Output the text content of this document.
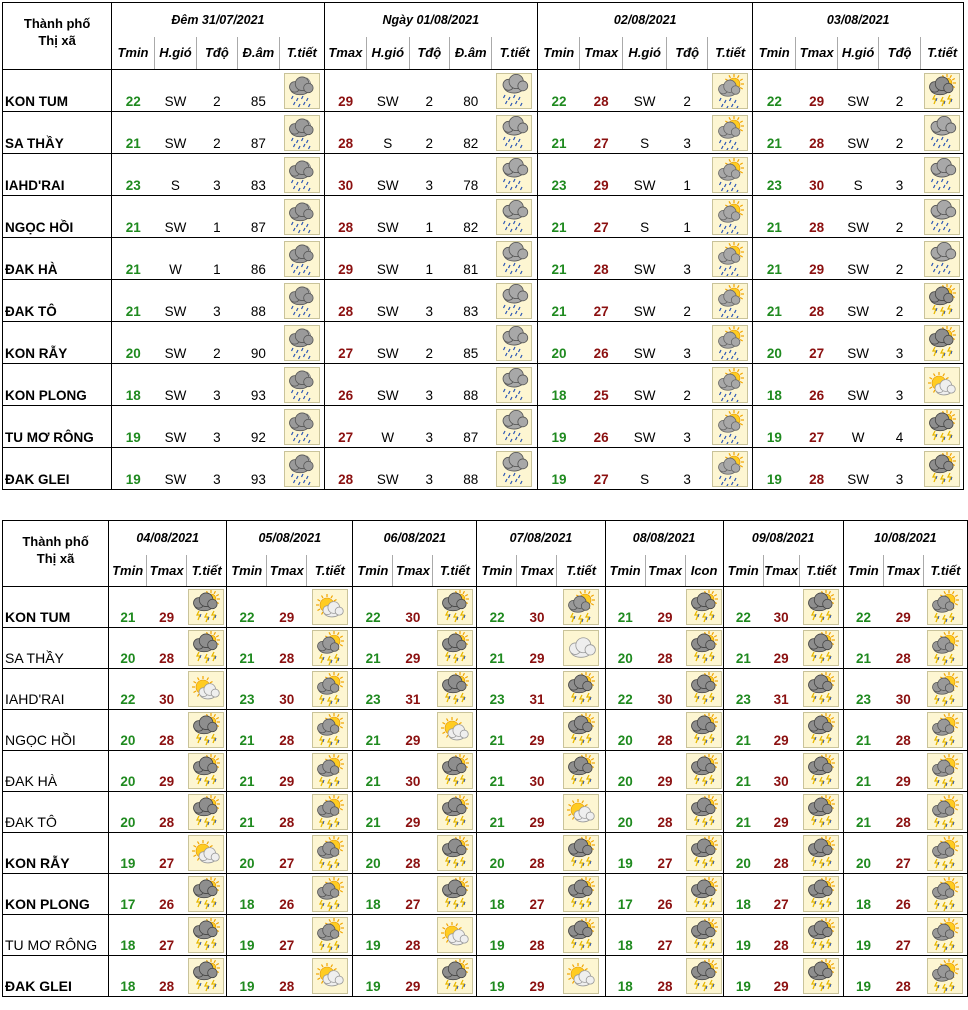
Thành phố
Thị xã	Đêm 31/07/2021					Ngày 01/08/2021					02/08/2021					03/08/2021				
	Tmin	H.gió	Tđộ	Đ.âm	T.tiết	Tmax	H.gió	Tđộ	Đ.âm	T.tiết	Tmin	Tmax	H.gió	Tđộ	T.tiết	Tmin	Tmax	H.gió	Tđộ	T.tiết
KON TUM	22	SW	2	85		29	SW	2	80		22	28	SW	2		22	29	SW	2	

SA THẦY	21	SW	2	87		28	S	2	82		21	27	S	3		21	28	SW	2	

IAHD'RAI	23	S	3	83		30	SW	3	78		23	29	SW	1		23	30	S	3	

NGỌC HỒI	21	SW	1	87		28	SW	1	82		21	27	S	1		21	28	SW	2	

ĐAK HÀ	21	W	1	86		29	SW	1	81		21	28	SW	3		21	29	SW	2	

ĐAK TÔ	21	SW	3	88		28	SW	3	83		21	27	SW	2		21	28	SW	2	

KON RẪY	20	SW	2	90		27	SW	2	85		20	26	SW	3		20	27	SW	3	

KON PLONG	18	SW	3	93		26	SW	3	88		18	25	SW	2		18	26	SW	3	

TU MƠ RÔNG	19	SW	3	92		27	W	3	87		19	26	SW	3		19	27	W	4	

ĐAK GLEI	19	SW	3	93		28	SW	3	88		19	27	S	3		19	28	SW	3	
Thành phố
Thị xã	04/08/2021			05/08/2021			06/08/2021			07/08/2021			08/08/2021			09/08/2021			10/08/2021		
	Tmin	Tmax	T.tiết	Tmin	Tmax	T.tiết	Tmin	Tmax	T.tiết	Tmin	Tmax	T.tiết	Tmin	Tmax	Icon	Tmin	Tmax	T.tiết	Tmin	Tmax	T.tiết
KON TUM	21	29		22	29		22	30		22	30		21	29		22	30		22	29	

SA THẦY	20	28		21	28		21	29		21	29		20	28		21	29		21	28	

IAHD'RAI	22	30		23	30		23	31		23	31		22	30		23	31		23	30	

NGỌC HỒI	20	28		21	28		21	29		21	29		20	28		21	29		21	28	

ĐAK HÀ	20	29		21	29		21	30		21	30		20	29		21	30		21	29	

ĐAK TÔ	20	28		21	28		21	29		21	29		20	28		21	29		21	28	

KON RẪY	19	27		20	27		20	28		20	28		19	27		20	28		20	27	

KON PLONG	17	26		18	26		18	27		18	27		17	26		18	27		18	26	

TU MƠ RÔNG	18	27		19	27		19	28		19	28		18	27		19	28		19	27	

ĐAK GLEI	18	28		19	28		19	29		19	29		18	28		19	29		19	28	
